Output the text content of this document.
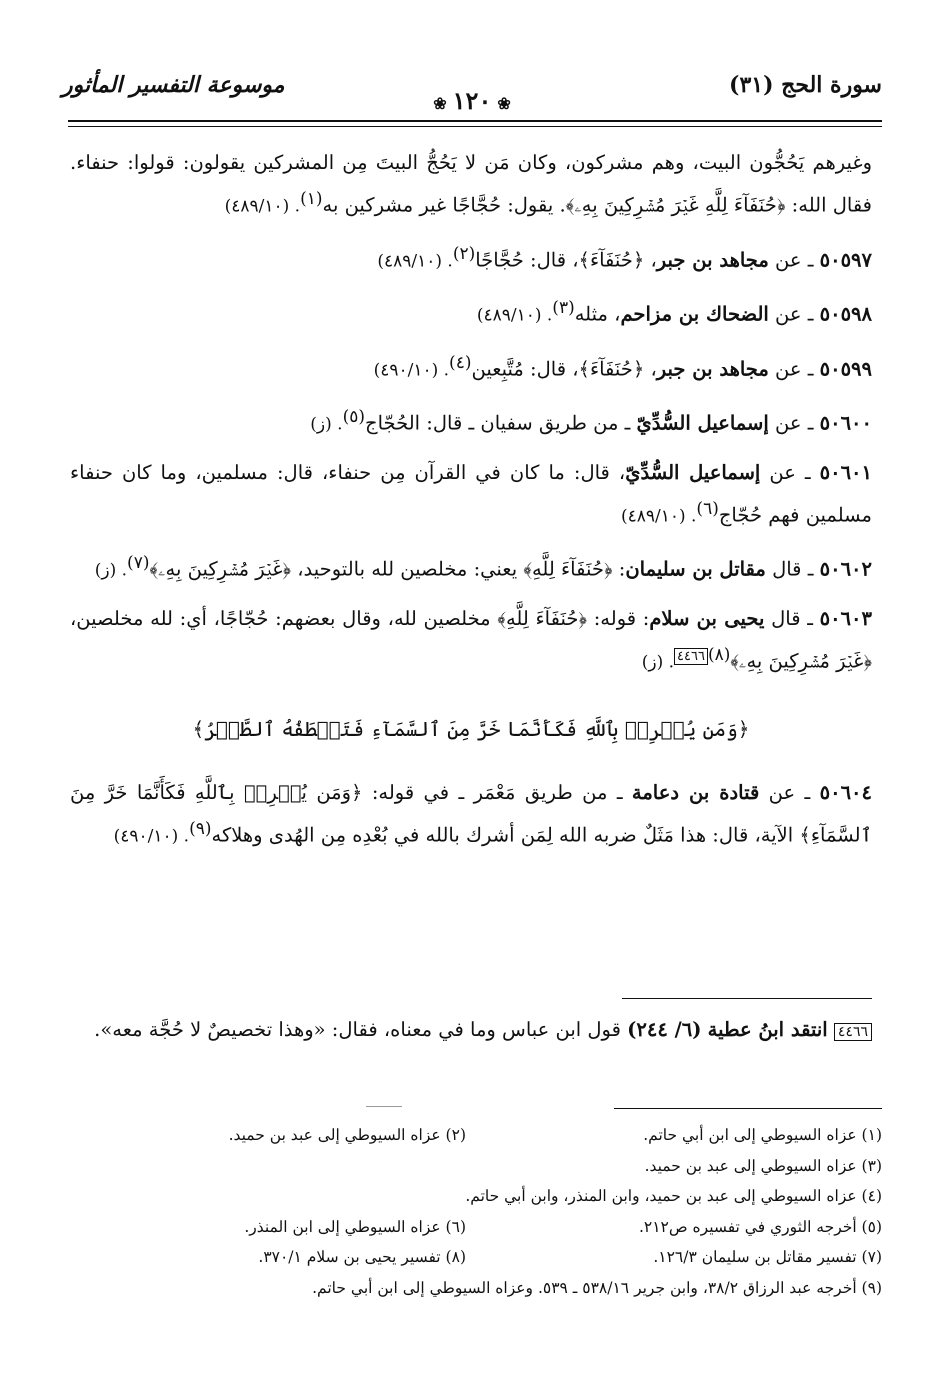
سورة الحج (٣١)
❀١٢٠❀
موسوعة التفسير المأثور

وغيرهم يَحُجُّون البيت، وهم مشركون، وكان مَن لا يَحُجُّ البيتَ مِن المشركين يقولون: قولوا: حنفاء. فقال الله: ﴿حُنَفَآءَ لِلَّهِ غَيۡرَ مُشۡرِكِينَ بِهِۦ﴾. يقول: حُجَّاجًا غير مشركين به$^{(١)}$. (٤٨٩/١٠)

٥٠٥٩٧ ـ عن مجاهد بن جبر، ﴿حُنَفَآءَ﴾، قال: حُجَّاجًا$^{(٢)}$. (٤٨٩/١٠)

٥٠٥٩٨ ـ عن الضحاك بن مزاحم، مثله$^{(٣)}$. (٤٨٩/١٠)

٥٠٥٩٩ ـ عن مجاهد بن جبر، ﴿حُنَفَآءَ﴾، قال: مُتَّبِعين$^{(٤)}$. (٤٩٠/١٠)

٥٠٦٠٠ ـ عن إسماعيل السُّدِّيّ ـ من طريق سفيان ـ قال: الحُجّاج$^{(٥)}$. (ز)

٥٠٦٠١ ـ عن إسماعيل السُّدِّيّ، قال: ما كان في القرآن مِن حنفاء، قال: مسلمين، وما كان حنفاء مسلمين فهم حُجّاج$^{(٦)}$. (٤٨٩/١٠)

٥٠٦٠٢ ـ قال مقاتل بن سليمان: ﴿حُنَفَآءَ لِلَّهِ﴾ يعني: مخلصين لله بالتوحيد، ﴿غَيۡرَ مُشۡرِكِينَ بِهِۦ﴾$^{(٧)}$. (ز)

٥٠٦٠٣ ـ قال يحيى بن سلام: قوله: ﴿حُنَفَآءَ لِلَّهِ﴾ مخلصين لله، وقال بعضهم: حُجّاجًا، أي: لله مخلصين، ﴿غَيۡرَ مُشۡرِكِينَ بِهِۦ﴾$^{(٨)}$٤٤٦٦. (ز)

﴿وَمَن يُشۡرِكۡ بِٱللَّهِ فَكَأَنَّمَا خَرَّ مِنَ ٱلسَّمَآءِ فَتَخۡطَفُهُ ٱلطَّيۡرُ﴾

٥٠٦٠٤ ـ عن قتادة بن دعامة ـ من طريق مَعْمَر ـ في قوله: ﴿وَمَن يُشۡرِكۡ بِٱللَّهِ فَكَأَنَّمَا خَرَّ مِنَ ٱلسَّمَآءِ﴾ الآية، قال: هذا مَثَلٌ ضربه الله لِمَن أشرك بالله في بُعْدِه مِن الهُدى وهلاكه$^{(٩)}$. (٤٩٠/١٠)

٤٤٦٦ انتقد ابنُ عطية (٦/ ٢٤٤) قول ابن عباس وما في معناه، فقال: «وهذا تخصيصٌ لا حُجَّة معه».
(١) عزاه السيوطي إلى ابن أبي حاتم.
(٢) عزاه السيوطي إلى عبد بن حميد.
(٣) عزاه السيوطي إلى عبد بن حميد.
(٤) عزاه السيوطي إلى عبد بن حميد، وابن المنذر، وابن أبي حاتم.
(٥) أخرجه الثوري في تفسيره ص٢١٢.
(٦) عزاه السيوطي إلى ابن المنذر.
(٧) تفسير مقاتل بن سليمان ١٢٦/٣.
(٨) تفسير يحيى بن سلام ٣٧٠/١.
(٩) أخرجه عبد الرزاق ٣٨/٢، وابن جرير ٥٣٨/١٦ ـ ٥٣٩. وعزاه السيوطي إلى ابن أبي حاتم.
